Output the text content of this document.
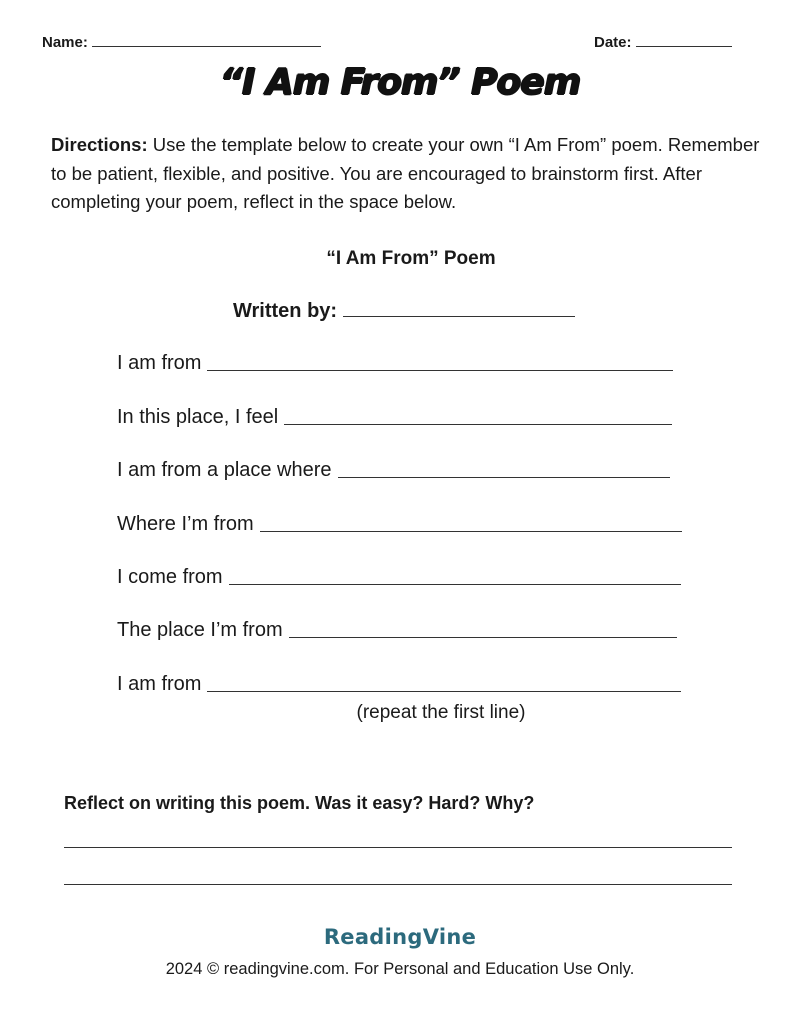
Name:	Date:
“I Am From” Poem
Directions: Use the template below to create your own “I Am From” poem. Remember to be patient, flexible, and positive. You are encouraged to brainstorm first. After completing your poem, reflect in the space below.
“I Am From” Poem
Written by:
I am from
In this place, I feel
I am from a place where
Where I’m from
I come from
The place I’m from
I am from
(repeat the first line)
Reflect on writing this poem. Was it easy? Hard? Why?
ReadingVine
2024 © readingvine.com. For Personal and Education Use Only.
